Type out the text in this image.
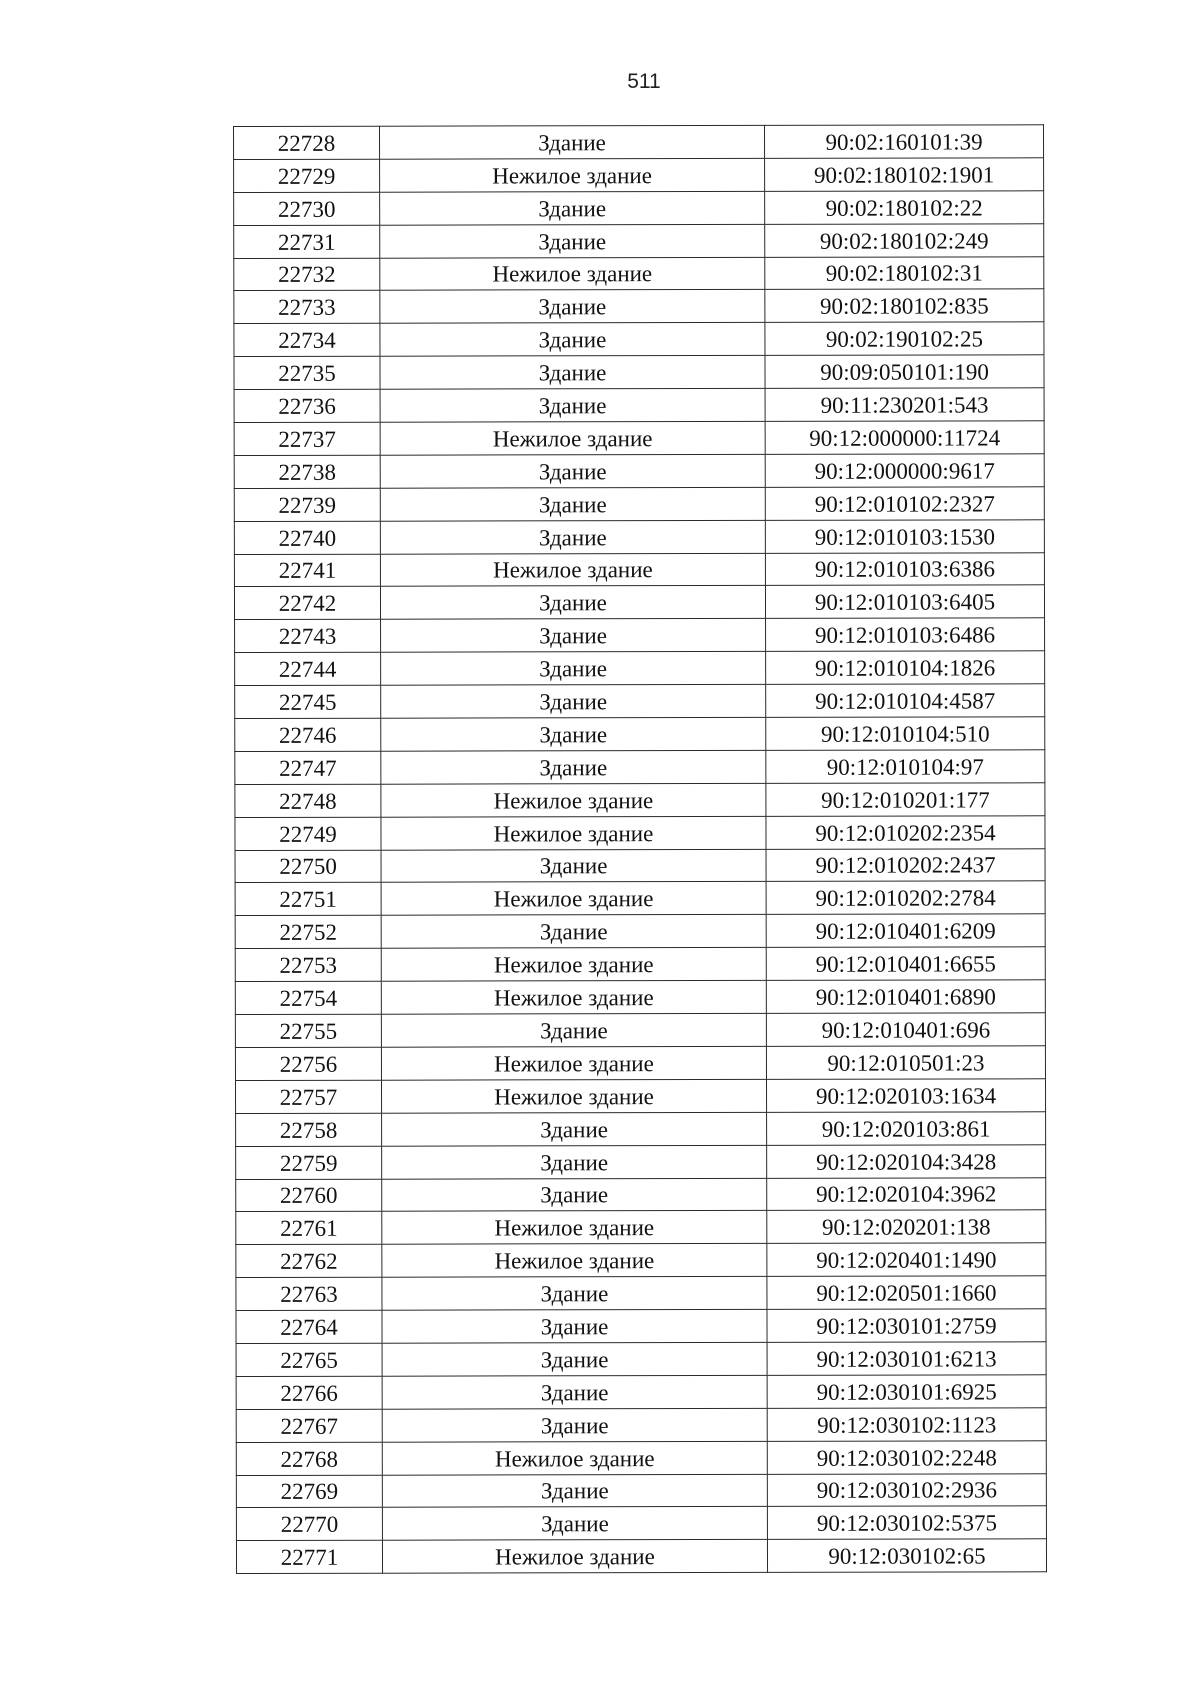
511
22728	Здание	90:02:160101:39
22729	Нежилое здание	90:02:180102:1901
22730	Здание	90:02:180102:22
22731	Здание	90:02:180102:249
22732	Нежилое здание	90:02:180102:31
22733	Здание	90:02:180102:835
22734	Здание	90:02:190102:25
22735	Здание	90:09:050101:190
22736	Здание	90:11:230201:543
22737	Нежилое здание	90:12:000000:11724
22738	Здание	90:12:000000:9617
22739	Здание	90:12:010102:2327
22740	Здание	90:12:010103:1530
22741	Нежилое здание	90:12:010103:6386
22742	Здание	90:12:010103:6405
22743	Здание	90:12:010103:6486
22744	Здание	90:12:010104:1826
22745	Здание	90:12:010104:4587
22746	Здание	90:12:010104:510
22747	Здание	90:12:010104:97
22748	Нежилое здание	90:12:010201:177
22749	Нежилое здание	90:12:010202:2354
22750	Здание	90:12:010202:2437
22751	Нежилое здание	90:12:010202:2784
22752	Здание	90:12:010401:6209
22753	Нежилое здание	90:12:010401:6655
22754	Нежилое здание	90:12:010401:6890
22755	Здание	90:12:010401:696
22756	Нежилое здание	90:12:010501:23
22757	Нежилое здание	90:12:020103:1634
22758	Здание	90:12:020103:861
22759	Здание	90:12:020104:3428
22760	Здание	90:12:020104:3962
22761	Нежилое здание	90:12:020201:138
22762	Нежилое здание	90:12:020401:1490
22763	Здание	90:12:020501:1660
22764	Здание	90:12:030101:2759
22765	Здание	90:12:030101:6213
22766	Здание	90:12:030101:6925
22767	Здание	90:12:030102:1123
22768	Нежилое здание	90:12:030102:2248
22769	Здание	90:12:030102:2936
22770	Здание	90:12:030102:5375
22771	Нежилое здание	90:12:030102:65
